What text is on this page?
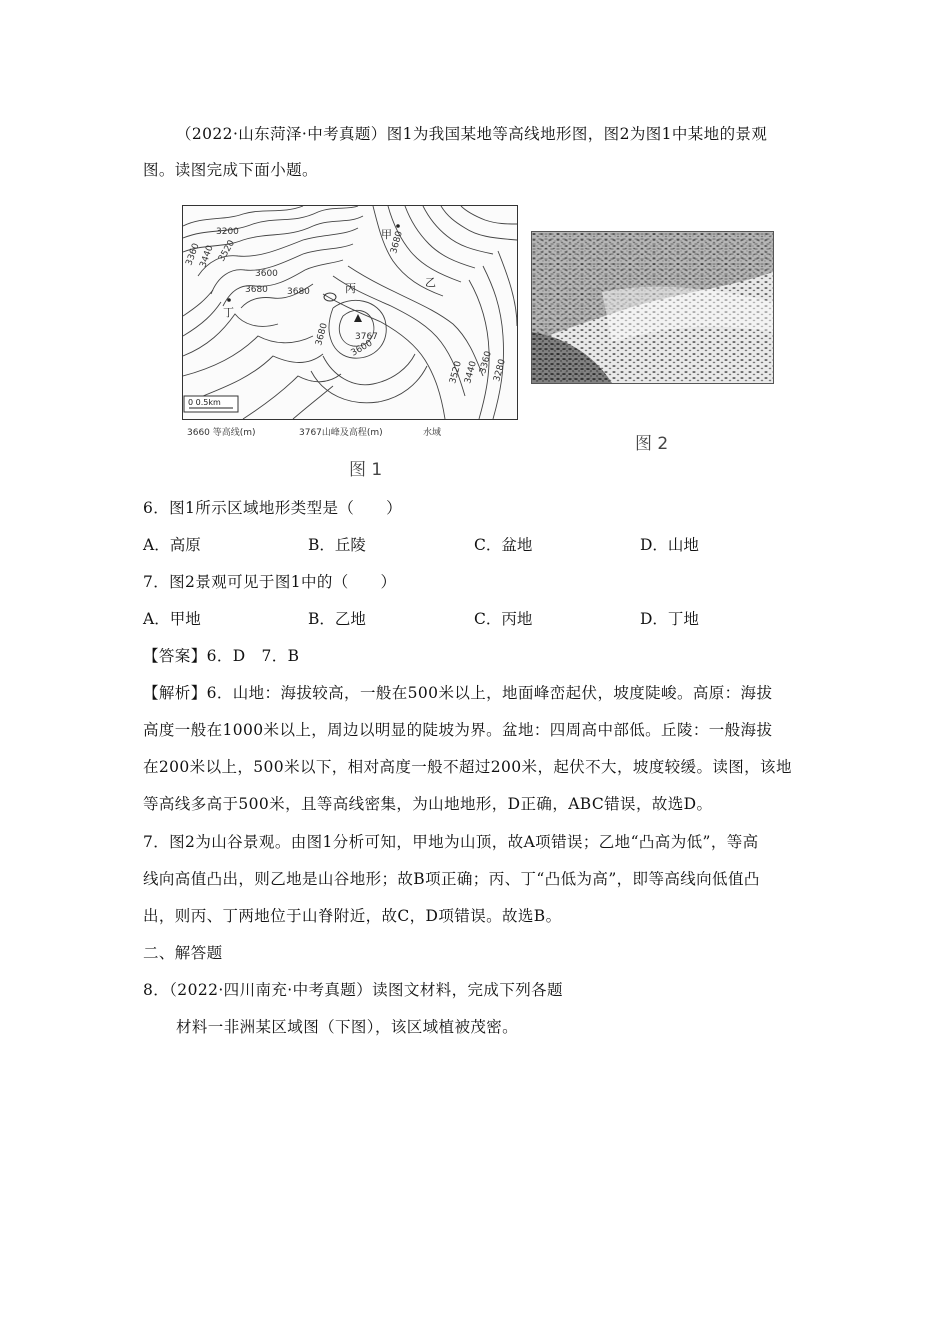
（2022·山东菏泽·中考真题）图1为我国某地等高线地形图，图2为图1中某地的景观
图。读图完成下面小题。
3200
3360
3440 3520
3600
3680 3680
3680
3600
3520 3440 3360
3280
3680
3767
甲
乙
丙
丁
0 0.5km
3660 等高线(m)	3767山峰及高程(m)	水域
图 1
图 2
6．图1所示区域地形类型是（　　）
A．高原	B．丘陵	C．盆地	D．山地
7．图2景观可见于图1中的（　　）
A．甲地	B．乙地	C．丙地	D．丁地
【答案】6．D　7．B
【解析】6．山地：海拔较高，一般在500米以上，地面峰峦起伏，坡度陡峻。高原：海拔
高度一般在1000米以上，周边以明显的陡坡为界。盆地：四周高中部低。丘陵：一般海拔
在200米以上，500米以下，相对高度一般不超过200米，起伏不大，坡度较缓。读图，该地
等高线多高于500米，且等高线密集，为山地地形，D正确，ABC错误，故选D。
7．图2为山谷景观。由图1分析可知，甲地为山顶，故A项错误；乙地“凸高为低”，等高
线向高值凸出，则乙地是山谷地形；故B项正确；丙、丁“凸低为高”，即等高线向低值凸
出，则丙、丁两地位于山脊附近，故C，D项错误。故选B。
二、解答题
8．（2022·四川南充·中考真题）读图文材料，完成下列各题
材料一非洲某区域图（下图），该区域植被茂密。
